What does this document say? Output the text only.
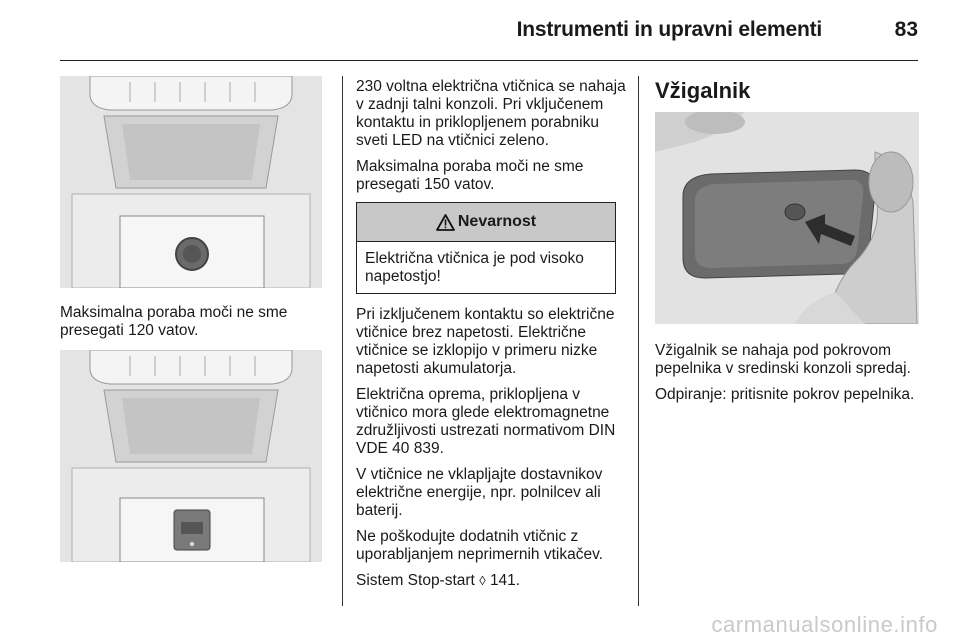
Instrumenti in upravni elementi	83

Maksimalna poraba moči ne sme presegati 120 vatov.

230 voltna električna vtičnica se nahaja v zadnji talni konzoli. Pri vključenem kontaktu in priklopljenem porabniku sveti LED na vtičnici zeleno.

Maksimalna poraba moči ne sme presegati 150 vatov.

Nevarnost
Električna vtičnica je pod visoko napetostjo!

Pri izključenem kontaktu so električne vtičnice brez napetosti. Električne vtičnice se izklopijo v primeru nizke napetosti akumulatorja.

Električna oprema, priklopljena v vtičnico mora glede elektromagnetne združljivosti ustrezati normativom DIN VDE 40 839.

V vtičnice ne vklapljajte dostavnikov električne energije, npr. polnilcev ali baterij.

Ne poškodujte dodatnih vtičnic z uporabljanjem neprimernih vtikačev.

Sistem Stop-start ◊ 141.

Vžigalnik

Vžigalnik se nahaja pod pokrovom pepelnika v sredinski konzoli spredaj.

Odpiranje: pritisnite pokrov pepelnika.

carmanualsonline.info
